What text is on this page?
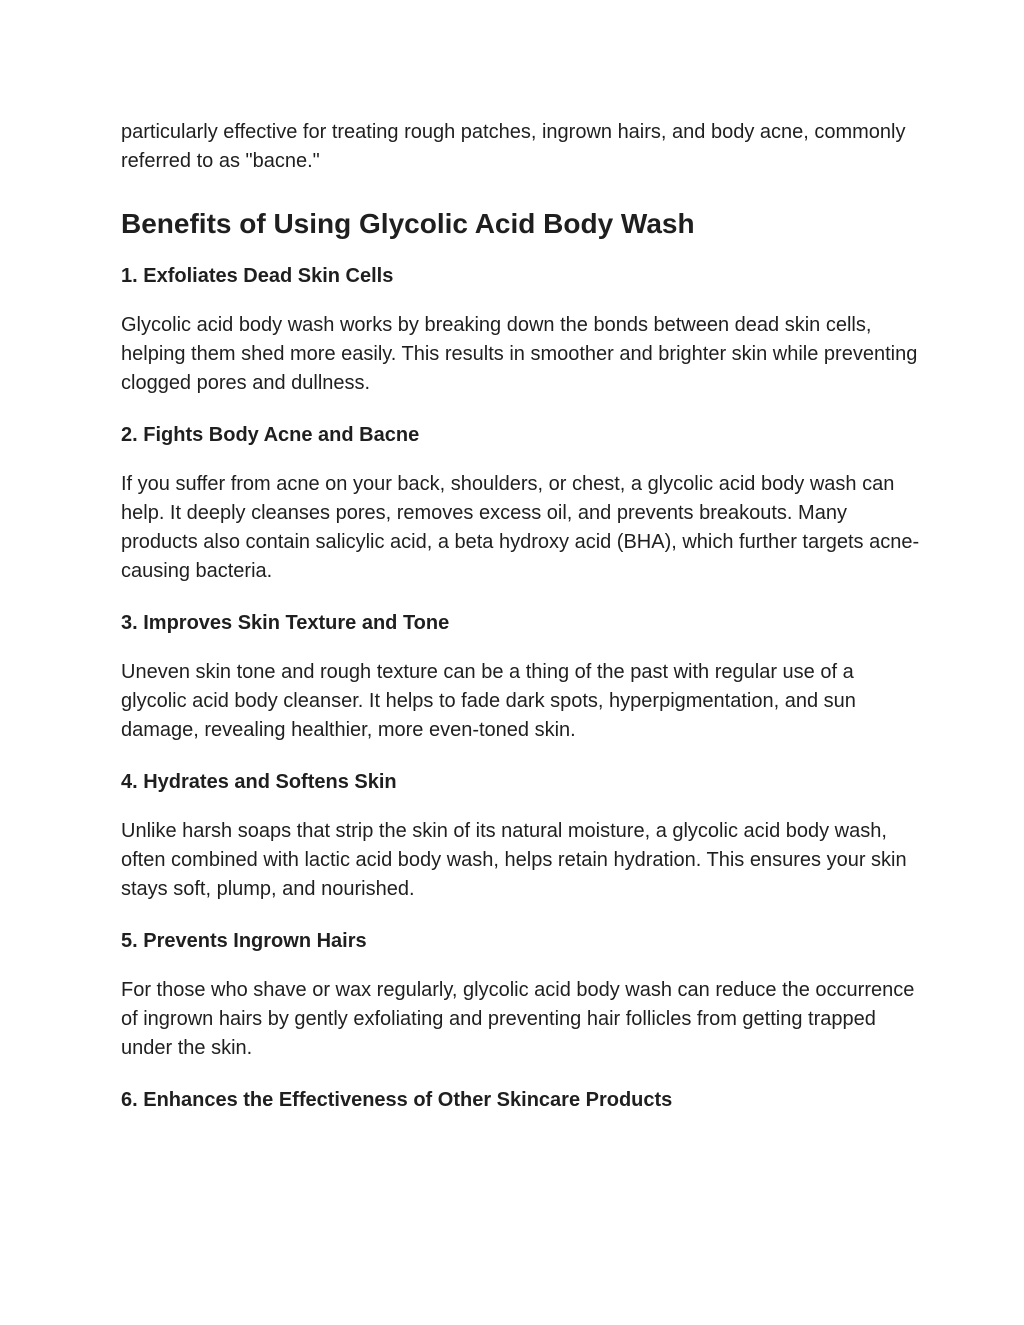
particularly effective for treating rough patches, ingrown hairs, and body acne, commonly referred to as "bacne."

Benefits of Using Glycolic Acid Body Wash
1. Exfoliates Dead Skin Cells

Glycolic acid body wash works by breaking down the bonds between dead skin cells, helping them shed more easily. This results in smoother and brighter skin while preventing clogged pores and dullness.

2. Fights Body Acne and Bacne

If you suffer from acne on your back, shoulders, or chest, a glycolic acid body wash can help. It deeply cleanses pores, removes excess oil, and prevents breakouts. Many products also contain salicylic acid, a beta hydroxy acid (BHA), which further targets acne-causing bacteria.

3. Improves Skin Texture and Tone

Uneven skin tone and rough texture can be a thing of the past with regular use of a glycolic acid body cleanser. It helps to fade dark spots, hyperpigmentation, and sun damage, revealing healthier, more even-toned skin.

4. Hydrates and Softens Skin

Unlike harsh soaps that strip the skin of its natural moisture, a glycolic acid body wash, often combined with lactic acid body wash, helps retain hydration. This ensures your skin stays soft, plump, and nourished.

5. Prevents Ingrown Hairs

For those who shave or wax regularly, glycolic acid body wash can reduce the occurrence of ingrown hairs by gently exfoliating and preventing hair follicles from getting trapped under the skin.

6. Enhances the Effectiveness of Other Skincare Products
